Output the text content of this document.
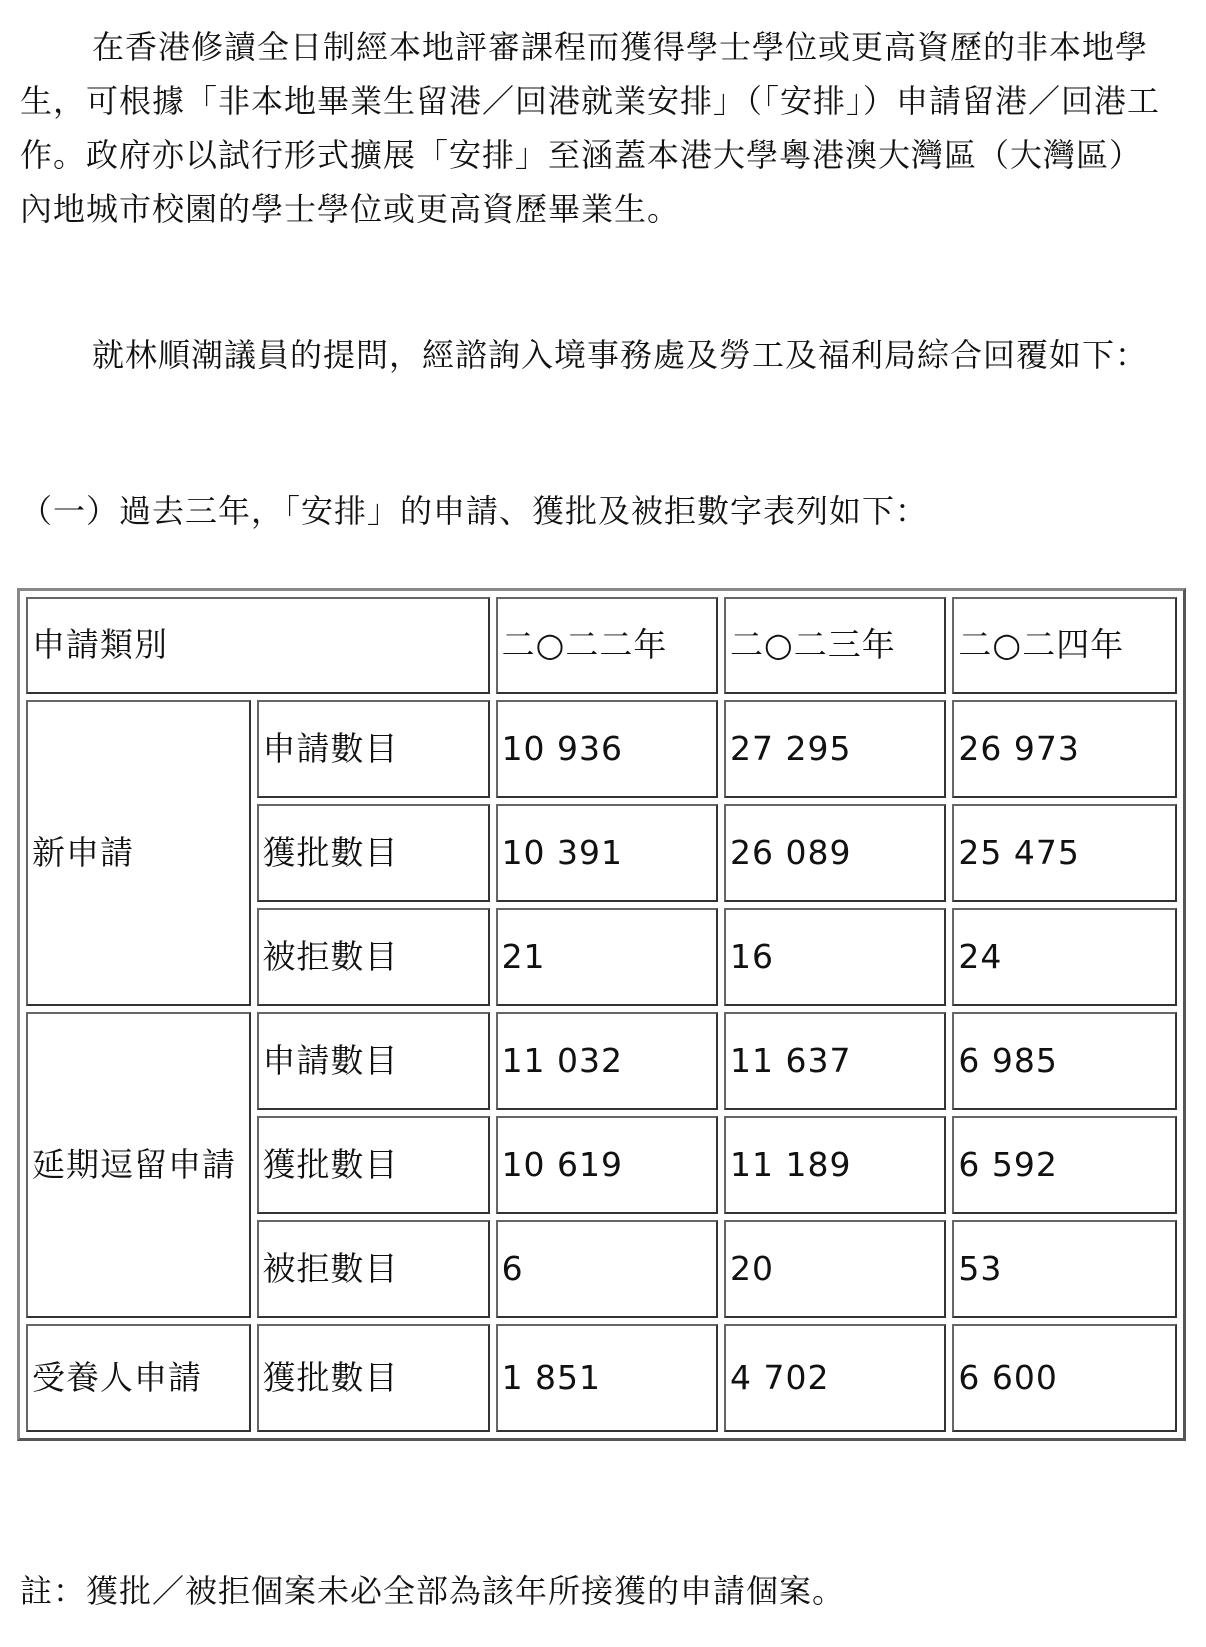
在香港修讀全日制經本地評審課程而獲得學士學位或更高資歷的非本地學生，可根據「非本地畢業生留港／回港就業安排」（「安排」）申請留港／回港工作。政府亦以試行形式擴展「安排」至涵蓋本港大學粵港澳大灣區（大灣區）內地城市校園的學士學位或更高資歷畢業生。

就林順潮議員的提問，經諮詢入境事務處及勞工及福利局綜合回覆如下：

（一）過去三年，「安排」的申請、獲批及被拒數字表列如下：

申請類別		二○二二年	二○二三年	二○二四年
新申請	申請數目	10 936	27 295	26 973
	獲批數目	10 391	26 089	25 475
	被拒數目	21	16	24
延期逗留申請	申請數目	11 032	11 637	6 985
	獲批數目	10 619	11 189	6 592
	被拒數目	6	20	53
受養人申請	獲批數目	1 851	4 702	6 600

註：獲批／被拒個案未必全部為該年所接獲的申請個案。
